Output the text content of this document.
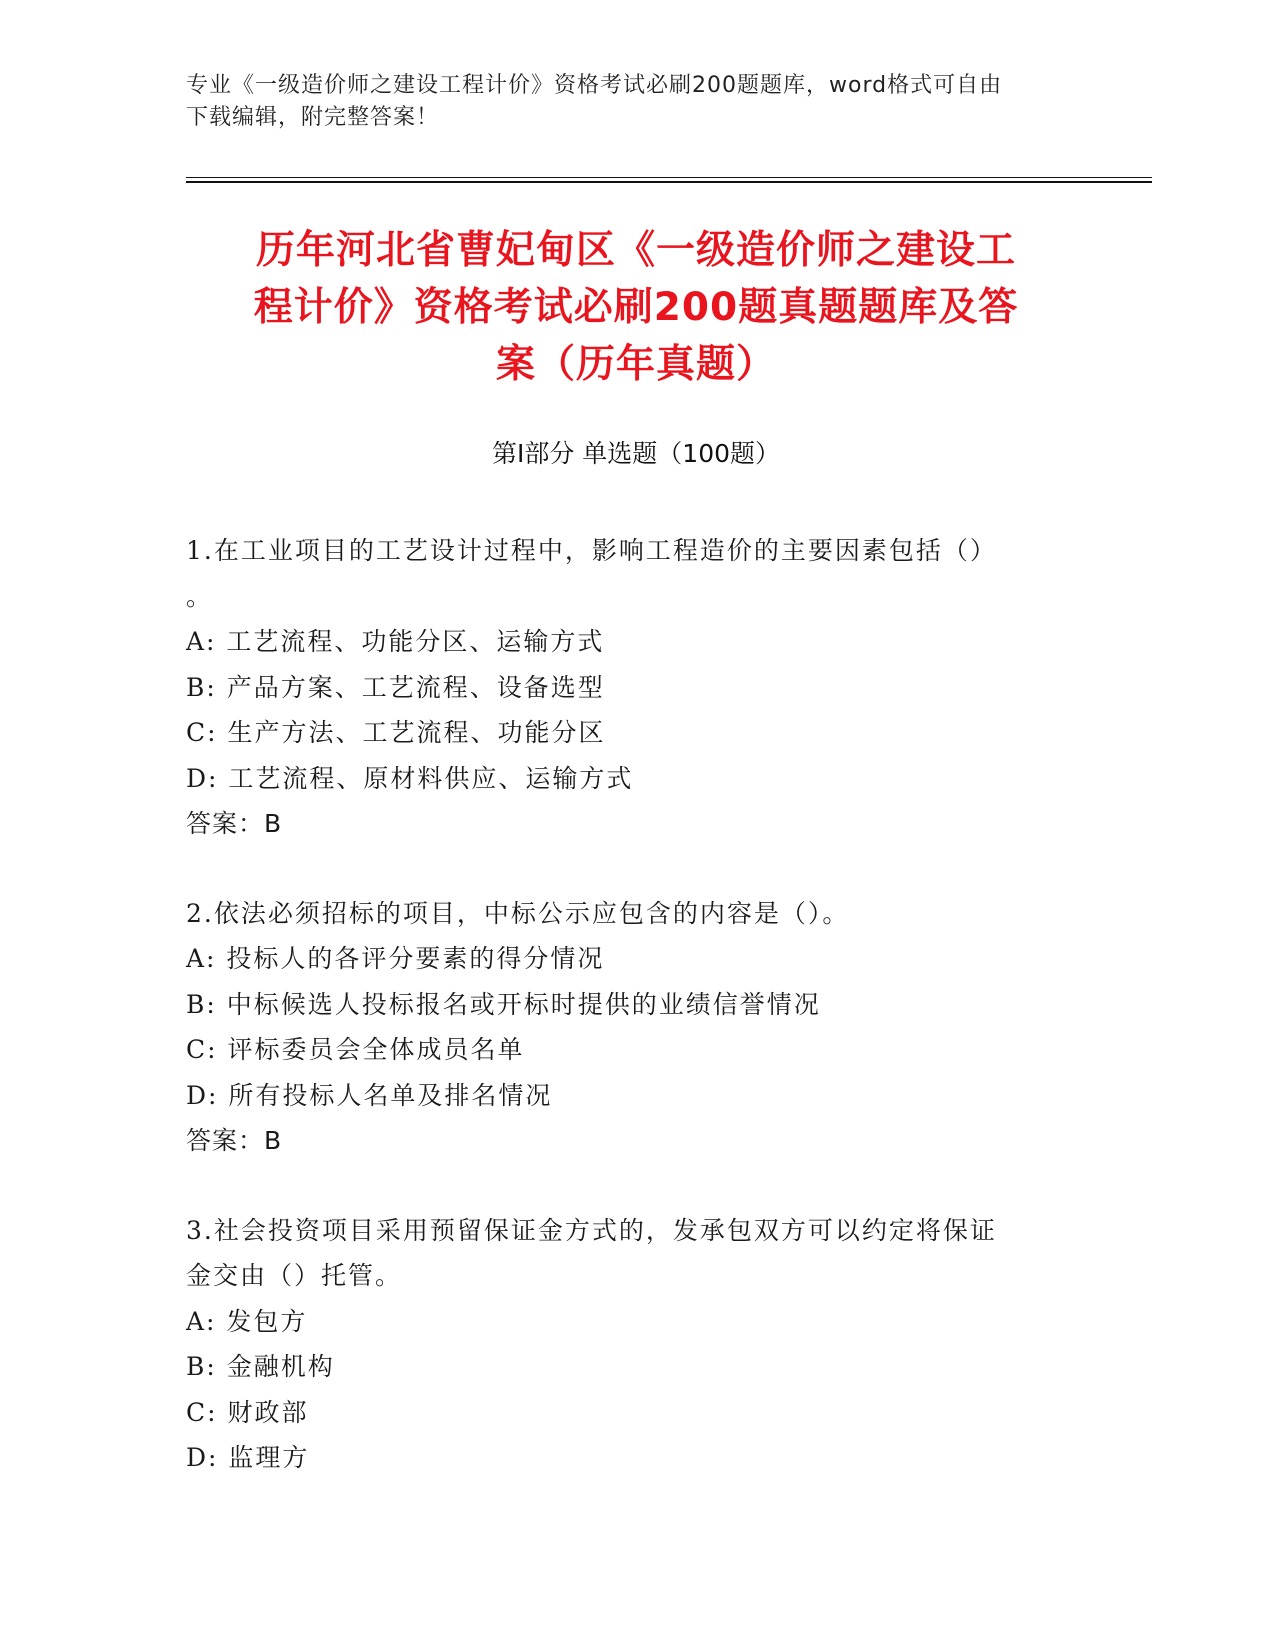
专业《一级造价师之建设工程计价》资格考试必刷200题题库，word格式可自由
下载编辑，附完整答案！
历年河北省曹妃甸区《一级造价师之建设工
程计价》资格考试必刷200题真题题库及答
案（历年真题）
第Ⅰ部分 单选题（100题）
1.在工业项目的工艺设计过程中，影响工程造价的主要因素包括（）
。
A: 工艺流程、功能分区、运输方式
B: 产品方案、工艺流程、设备选型
C: 生产方法、工艺流程、功能分区
D: 工艺流程、原材料供应、运输方式
答案：B
2.依法必须招标的项目，中标公示应包含的内容是（）。
A: 投标人的各评分要素的得分情况
B: 中标候选人投标报名或开标时提供的业绩信誉情况
C: 评标委员会全体成员名单
D: 所有投标人名单及排名情况
答案：B
3.社会投资项目采用预留保证金方式的，发承包双方可以约定将保证
金交由（）托管。
A: 发包方
B: 金融机构
C: 财政部
D: 监理方
